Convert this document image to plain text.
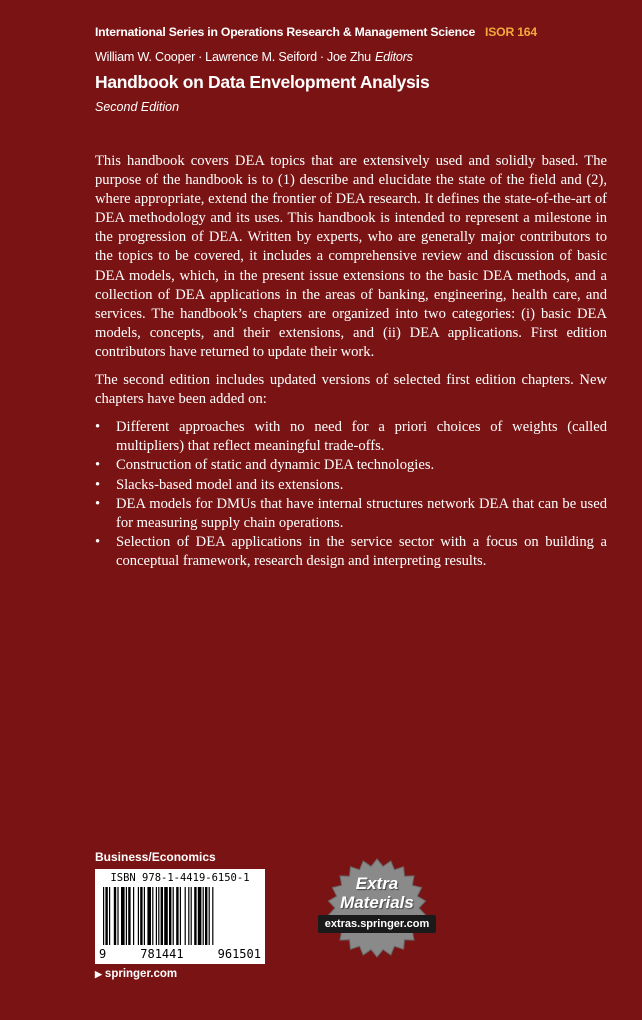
International Series in Operations Research & Management Science ISOR 164
William W. Cooper · Lawrence M. Seiford · Joe Zhu Editors
Handbook on Data Envelopment Analysis
Second Edition

This handbook covers DEA topics that are extensively used and solidly based. The purpose of the handbook is to (1) describe and elucidate the state of the field and (2), where appropriate, extend the frontier of DEA research. It defines the state-of-the-art of DEA methodology and its uses. This handbook is intended to represent a milestone in the progression of DEA. Written by experts, who are generally major contributors to the topics to be covered, it includes a comprehensive review and discussion of basic DEA models, which, in the present issue extensions to the basic DEA methods, and a collection of DEA applications in the areas of banking, engineering, health care, and services. The handbook’s chapters are organized into two categories: (i) basic DEA models, concepts, and their extensions, and (ii) DEA applications. First edition contributors have returned to update their work.

The second edition includes updated versions of selected first edition chapters. New chapters have been added on:

• Different approaches with no need for a priori choices of weights (called multipliers) that reflect meaningful trade-offs.
• Construction of static and dynamic DEA technologies.
• Slacks-based model and its extensions.
• DEA models for DMUs that have internal structures network DEA that can be used for measuring supply chain operations.
• Selection of DEA applications in the service sector with a focus on building a conceptual framework, research design and interpreting results.
Business/Economics
ISBN 978-1-4419-6150-1
9	781441	961501
▶ springer.com
Extra
Materials
extras.springer.com
